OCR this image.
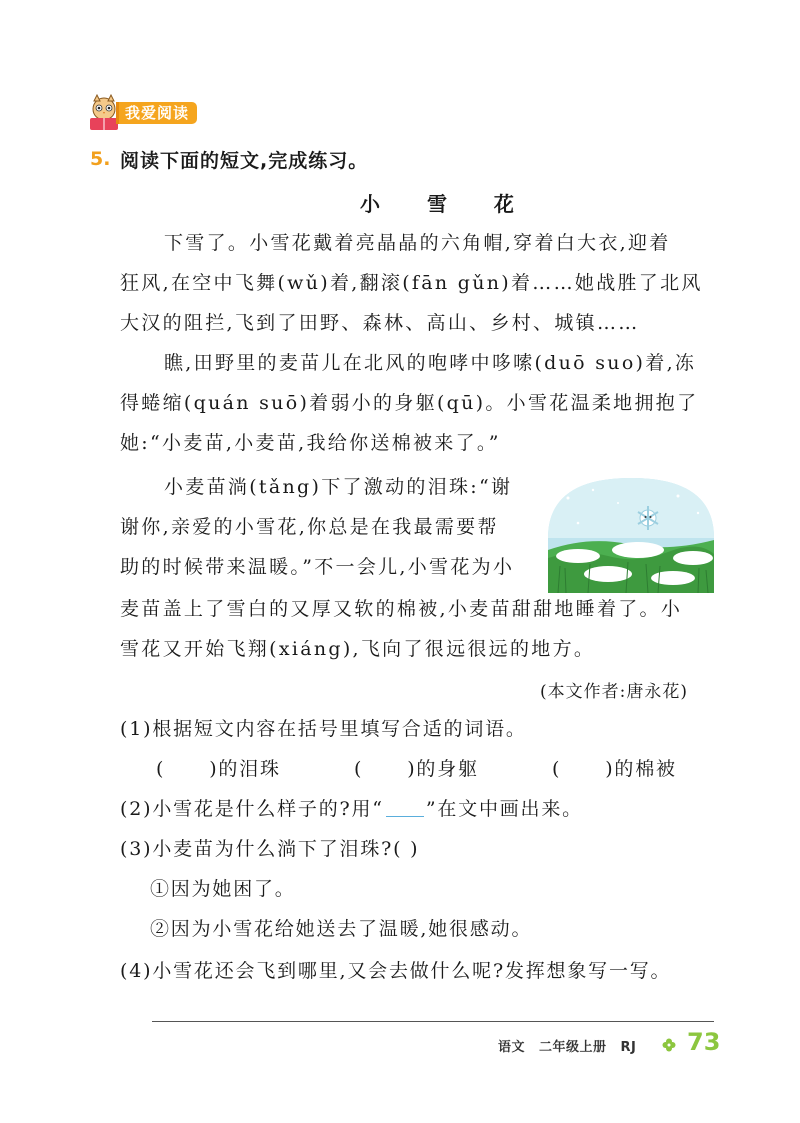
我爱阅读
5. 阅读下面的短文,完成练习。
小 雪 花
下雪了。小雪花戴着亮晶晶的六角帽,穿着白大衣,迎着
狂风,在空中飞舞(wǔ)着,翻滚(fān gǔn)着……她战胜了北风
大汉的阻拦,飞到了田野、森林、高山、乡村、城镇……
瞧,田野里的麦苗儿在北风的咆哮中哆嗦(duō suo)着,冻
得蜷缩(quán suō)着弱小的身躯(qū)。小雪花温柔地拥抱了
她:“小麦苗,小麦苗,我给你送棉被来了。”
小麦苗淌(tǎng)下了激动的泪珠:“谢
谢你,亲爱的小雪花,你总是在我最需要帮
助的时候带来温暖。”不一会儿,小雪花为小
麦苗盖上了雪白的又厚又软的棉被,小麦苗甜甜地睡着了。小
雪花又开始飞翔(xiáng),飞向了很远很远的地方。
(本文作者:唐永花)
(1)根据短文内容在括号里填写合适的词语。
( )的泪珠	( )的身躯	( )的棉被
(2)小雪花是什么样子的?用“ ”在文中画出来。
(3)小麦苗为什么淌下了泪珠?( )
①因为她困了。
②因为小雪花给她送去了温暖,她很感动。
(4)小雪花还会飞到哪里,又会去做什么呢?发挥想象写一写。
语文 二年级上册 RJ	73
